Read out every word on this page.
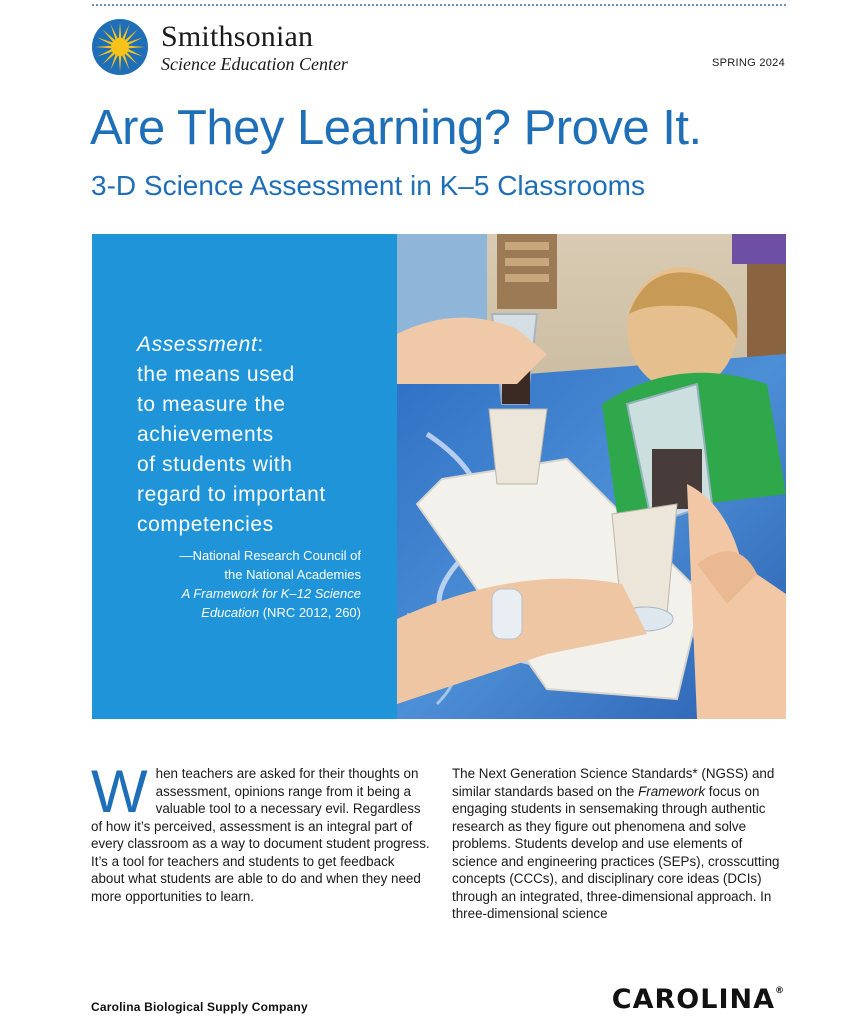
Smithsonian
Science Education Center	SPRING 2024
Are They Learning? Prove It.
3-D Science Assessment in K–5 Classrooms
Assessment:
the means used
to measure the
achievements
of students with
regard to important
competencies
—National Research Council of
the National Academies
A Framework for K–12 Science
Education (NRC 2012, 260)
When teachers are asked for their thoughts on assessment, opinions range from it being a valuable tool to a necessary evil. Regardless of how it’s perceived, assessment is an integral part of every classroom as a way to document student progress. It’s a tool for teachers and students to get feedback about what students are able to do and when they need more opportunities to learn.
The Next Generation Science Standards* (NGSS) and similar standards based on the Framework focus on engaging students in sensemaking through authentic research as they figure out phenomena and solve problems. Students develop and use elements of science and engineering practices (SEPs), crosscutting concepts (CCCs), and disciplinary core ideas (DCIs) through an integrated, three-dimensional approach. In three-dimensional science
Carolina Biological Supply Company	CAROLINA®
